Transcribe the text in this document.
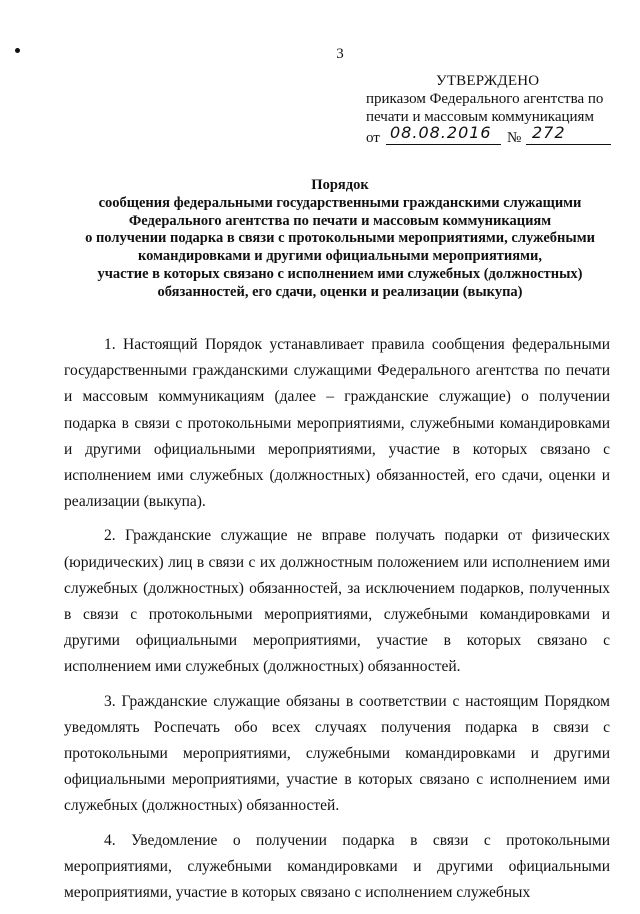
3
УТВЕРЖДЕНО
приказом Федерального агентства по
печати и массовым коммуникациям
от 08.08.2016 № 272
Порядок
сообщения федеральными государственными гражданскими служащими
Федерального агентства по печати и массовым коммуникациям
о получении подарка в связи с протокольными мероприятиями, служебными
командировками и другими официальными мероприятиями,
участие в которых связано с исполнением ими служебных (должностных)
обязанностей, его сдачи, оценки и реализации (выкупа)

1. Настоящий Порядок устанавливает правила сообщения федеральными государственными гражданскими служащими Федерального агентства по печати и массовым коммуникациям (далее – гражданские служащие) о получении подарка в связи с протокольными мероприятиями, служебными командировками и другими официальными мероприятиями, участие в которых связано с исполнением ими служебных (должностных) обязанностей, его сдачи, оценки и реализации (выкупа).

2. Гражданские служащие не вправе получать подарки от физических (юридических) лиц в связи с их должностным положением или исполнением ими служебных (должностных) обязанностей, за исключением подарков, полученных в связи с протокольными мероприятиями, служебными командировками и другими официальными мероприятиями, участие в которых связано с исполнением ими служебных (должностных) обязанностей.

3. Гражданские служащие обязаны в соответствии с настоящим Порядком уведомлять Роспечать обо всех случаях получения подарка в связи с протокольными мероприятиями, служебными командировками и другими официальными мероприятиями, участие в которых связано с исполнением ими служебных (должностных) обязанностей.

4. Уведомление о получении подарка в связи с протокольными мероприятиями, служебными командировками и другими официальными мероприятиями, участие в которых связано с исполнением служебных
